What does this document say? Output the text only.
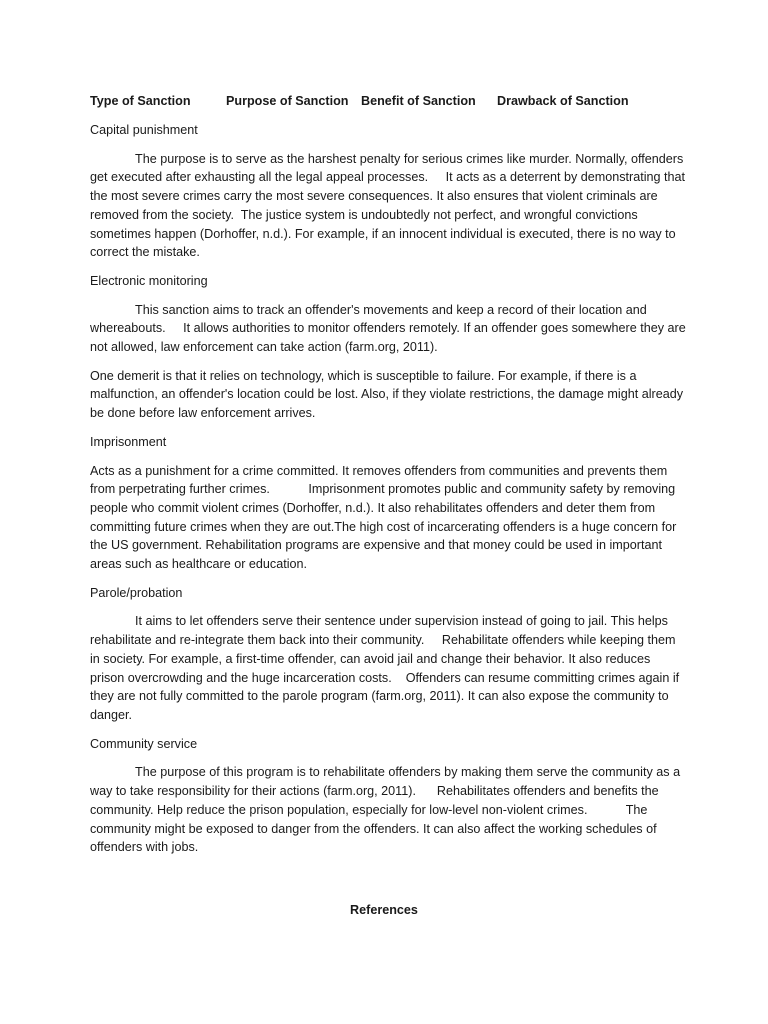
Type of Sanction	Purpose of Sanction Benefit of Sanction Drawback of Sanction
Capital punishment

The purpose is to serve as the harshest penalty for serious crimes like murder. Normally, offenders get executed after exhausting all the legal appeal processes.     It acts as a deterrent by demonstrating that the most severe crimes carry the most severe consequences. It also ensures that violent criminals are removed from the society.  The justice system is undoubtedly not perfect, and wrongful convictions sometimes happen (Dorhoffer, n.d.). For example, if an innocent individual is executed, there is no way to correct the mistake.

Electronic monitoring

This sanction aims to track an offender's movements and keep a record of their location and whereabouts.     It allows authorities to monitor offenders remotely. If an offender goes somewhere they are not allowed, law enforcement can take action (farm.org, 2011).

One demerit is that it relies on technology, which is susceptible to failure. For example, if there is a malfunction, an offender's location could be lost. Also, if they violate restrictions, the damage might already be done before law enforcement arrives.

Imprisonment

Acts as a punishment for a crime committed. It removes offenders from communities and prevents them from perpetrating further crimes.           Imprisonment promotes public and community safety by removing people who commit violent crimes (Dorhoffer, n.d.). It also rehabilitates offenders and deter them from committing future crimes when they are out.The high cost of incarcerating offenders is a huge concern for the US government. Rehabilitation programs are expensive and that money could be used in important areas such as healthcare or education.

Parole/probation

It aims to let offenders serve their sentence under supervision instead of going to jail. This helps rehabilitate and re-integrate them back into their community.     Rehabilitate offenders while keeping them in society. For example, a first-time offender, can avoid jail and change their behavior. It also reduces prison overcrowding and the huge incarceration costs.    Offenders can resume committing crimes again if they are not fully committed to the parole program (farm.org, 2011). It can also expose the community to danger.

Community service

The purpose of this program is to rehabilitate offenders by making them serve the community as a way to take responsibility for their actions (farm.org, 2011).      Rehabilitates offenders and benefits the community. Help reduce the prison population, especially for low-level non-violent crimes.           The community might be exposed to danger from the offenders. It can also affect the working schedules of offenders with jobs.

References
